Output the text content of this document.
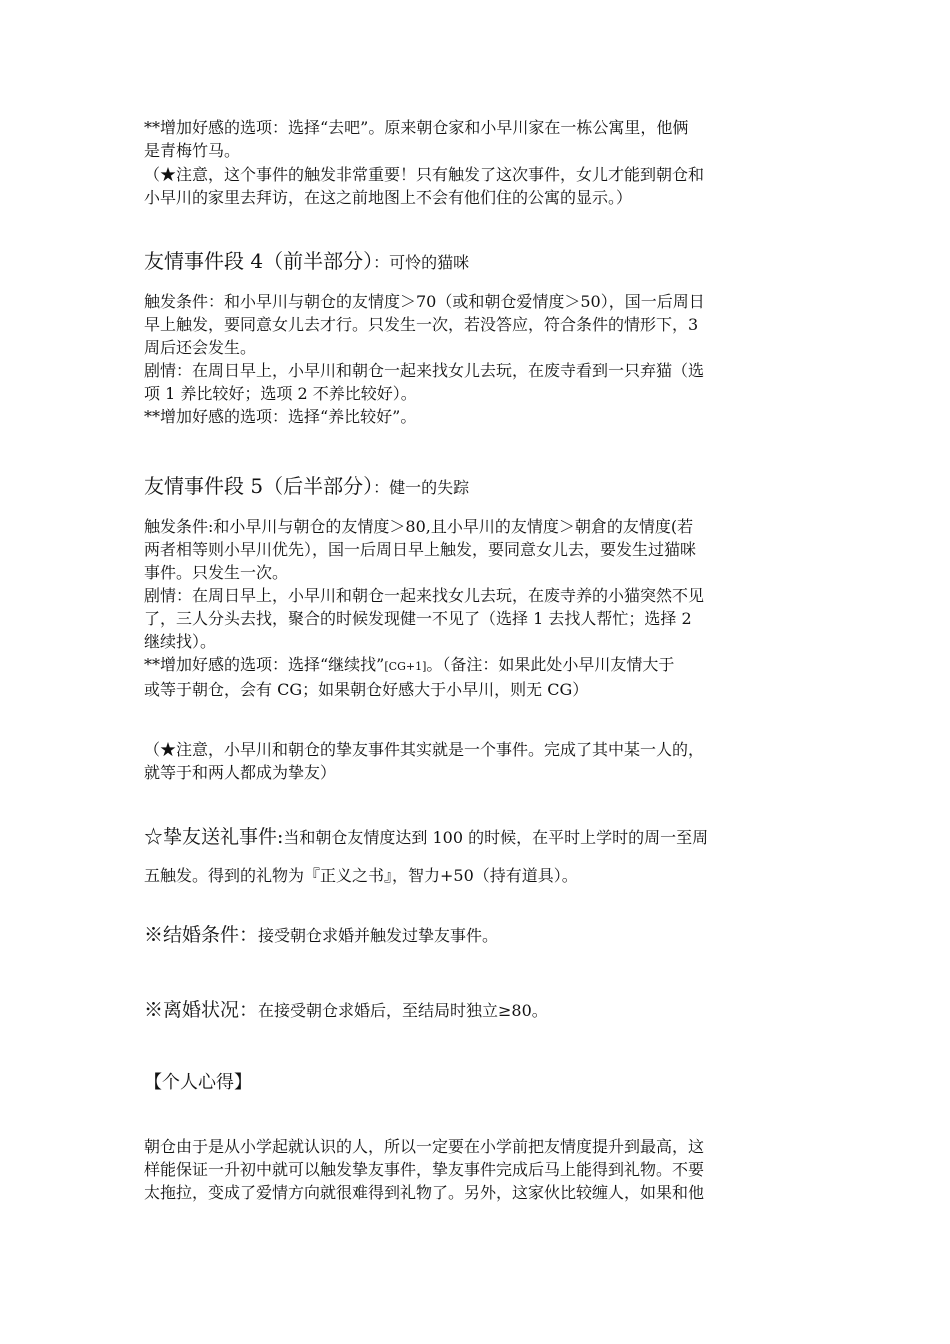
**增加好感的选项：选择“去吧”。原来朝仓家和小早川家在一栋公寓里，他俩
是青梅竹马。

（★注意，这个事件的触发非常重要！只有触发了这次事件，女儿才能到朝仓和
小早川的家里去拜访，在这之前地图上不会有他们住的公寓的显示。）

友情事件段 4（前半部分）：可怜的猫咪

触发条件：和小早川与朝仓的友情度＞70（或和朝仓爱情度＞50），国一后周日
早上触发，要同意女儿去才行。只发生一次，若没答应，符合条件的情形下，3
周后还会发生。
剧情：在周日早上，小早川和朝仓一起来找女儿去玩，在废寺看到一只弃猫（选
项 1 养比较好；选项 2 不养比较好）。
**增加好感的选项：选择“养比较好”。

友情事件段 5（后半部分）：健一的失踪

触发条件:和小早川与朝仓的友情度＞80,且小早川的友情度＞朝倉的友情度(若
两者相等则小早川优先），国一后周日早上触发，要同意女儿去，要发生过猫咪
事件。只发生一次。
剧情：在周日早上，小早川和朝仓一起来找女儿去玩，在废寺养的小猫突然不见
了，三人分头去找，聚合的时候发现健一不见了（选择 1 去找人帮忙；选择 2
继续找）。
**增加好感的选项：选择“继续找”[CG+1]。（备注：如果此处小早川友情大于
或等于朝仓，会有 CG；如果朝仓好感大于小早川，则无 CG）

（★注意，小早川和朝仓的挚友事件其实就是一个事件。完成了其中某一人的，
就等于和两人都成为挚友）

☆挚友送礼事件:当和朝仓友情度达到 100 的时候，在平时上学时的周一至周
五触发。得到的礼物为『正义之书』，智力+50（持有道具）。

※结婚条件：接受朝仓求婚并触发过挚友事件。

※离婚状况：在接受朝仓求婚后，至结局时独立≥80。

【个人心得】

朝仓由于是从小学起就认识的人，所以一定要在小学前把友情度提升到最高，这
样能保证一升初中就可以触发挚友事件，挚友事件完成后马上能得到礼物。不要
太拖拉，变成了爱情方向就很难得到礼物了。另外，这家伙比较缠人，如果和他
